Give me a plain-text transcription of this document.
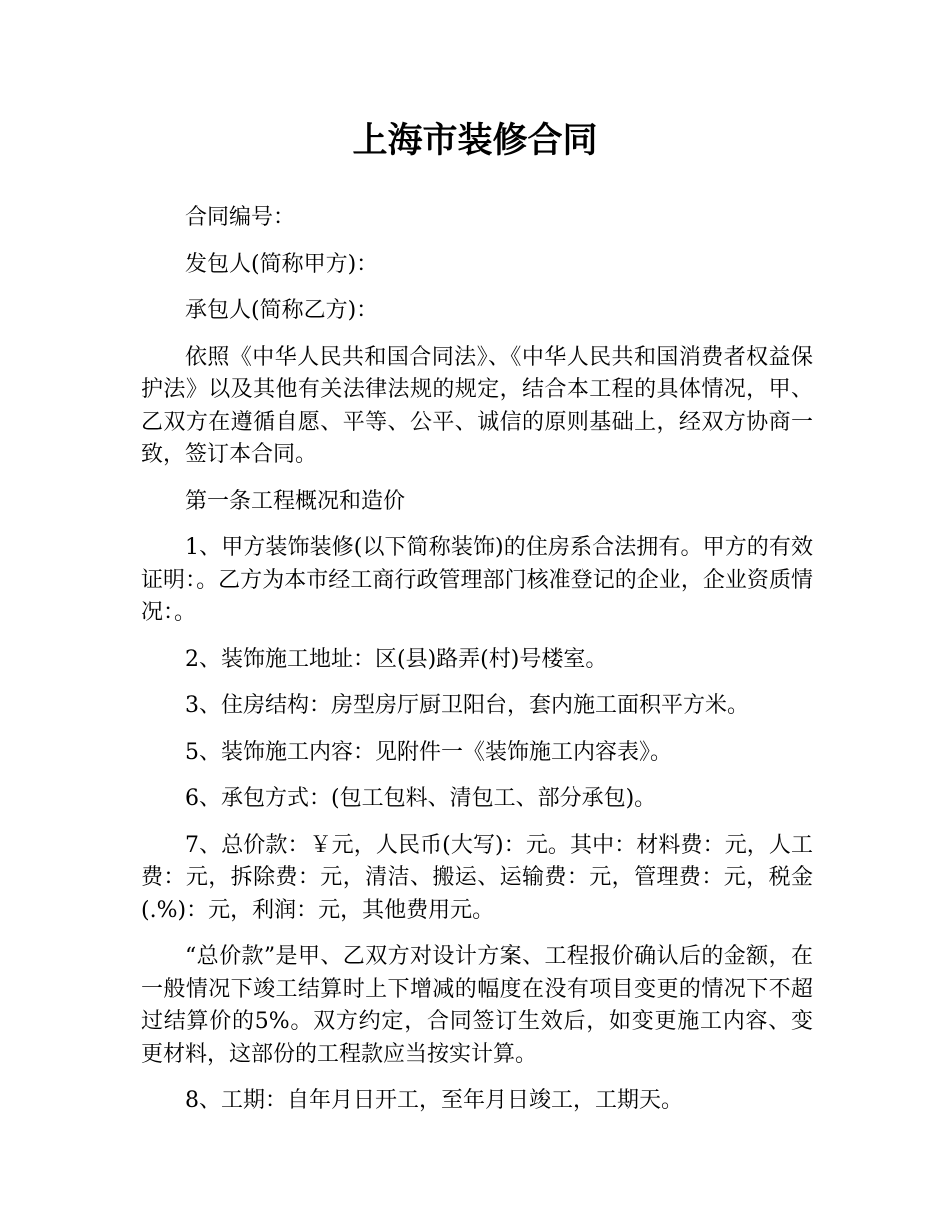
上海市装修合同

合同编号：

发包人(简称甲方)：

承包人(简称乙方)：

依照《中华人民共和国合同法》、《中华人民共和国消费者权益保护法》以及其他有关法律法规的规定，结合本工程的具体情况，甲、乙双方在遵循自愿、平等、公平、诚信的原则基础上，经双方协商一致，签订本合同。

第一条工程概况和造价

1、甲方装饰装修(以下简称装饰)的住房系合法拥有。甲方的有效证明：。乙方为本市经工商行政管理部门核准登记的企业，企业资质情况：。

2、装饰施工地址：区(县)路弄(村)号楼室。

3、住房结构：房型房厅厨卫阳台，套内施工面积平方米。

5、装饰施工内容：见附件一《装饰施工内容表》。

6、承包方式：(包工包料、清包工、部分承包)。

7、总价款：￥元，人民币(大写)：元。其中：材料费：元，人工费：元，拆除费：元，清洁、搬运、运输费：元，管理费：元，税金(.%)：元，利润：元，其他费用元。

“总价款”是甲、乙双方对设计方案、工程报价确认后的金额，在一般情况下竣工结算时上下增减的幅度在没有项目变更的情况下不超过结算价的5%。双方约定，合同签订生效后，如变更施工内容、变更材料，这部份的工程款应当按实计算。

8、工期：自年月日开工，至年月日竣工，工期天。
